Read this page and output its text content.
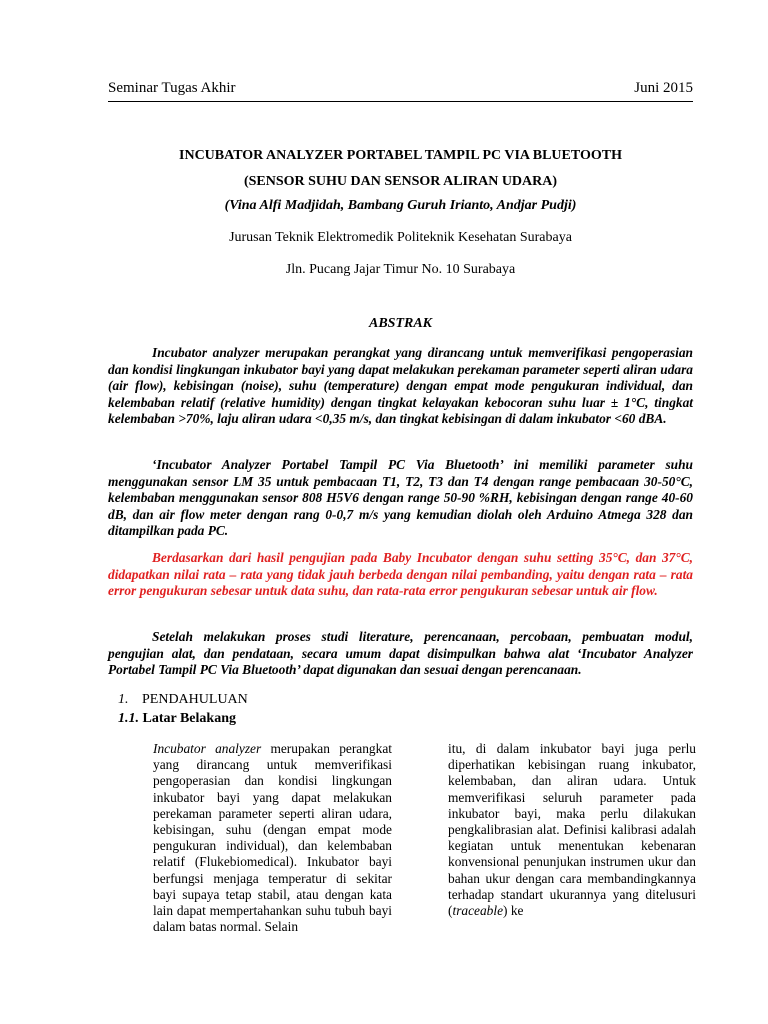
Seminar Tugas Akhir	Juni 2015
INCUBATOR ANALYZER PORTABEL TAMPIL PC VIA BLUETOOTH
(SENSOR SUHU DAN SENSOR ALIRAN UDARA)
(Vina Alfi Madjidah, Bambang Guruh Irianto, Andjar Pudji)
Jurusan Teknik Elektromedik Politeknik Kesehatan Surabaya
Jln. Pucang Jajar Timur No. 10 Surabaya
ABSTRAK

Incubator analyzer merupakan perangkat yang dirancang untuk memverifikasi pengoperasian dan kondisi lingkungan inkubator bayi yang dapat melakukan perekaman parameter seperti aliran udara (air flow), kebisingan (noise), suhu (temperature) dengan empat mode pengukuran individual, dan kelembaban relatif (relative humidity) dengan tingkat kelayakan kebocoran suhu luar ± 1°C, tingkat kelembaban >70%, laju aliran udara <0,35 m/s, dan tingkat kebisingan di dalam inkubator <60 dBA.

‘Incubator Analyzer Portabel Tampil PC Via Bluetooth’ ini memiliki parameter suhu menggunakan sensor LM 35 untuk pembacaan T1, T2, T3 dan T4 dengan range pembacaan 30-50°C, kelembaban menggunakan sensor 808 H5V6 dengan range 50-90 %RH, kebisingan dengan range 40-60 dB, dan air flow meter dengan rang 0-0,7 m/s yang kemudian diolah oleh Arduino Atmega 328 dan ditampilkan pada PC.

Berdasarkan dari hasil pengujian pada Baby Incubator dengan suhu setting 35°C, dan 37°C, didapatkan nilai rata – rata yang tidak jauh berbeda dengan nilai pembanding, yaitu dengan rata – rata error pengukuran sebesar untuk data suhu, dan rata-rata error pengukuran sebesar untuk air flow.

Setelah melakukan proses studi literature, perencanaan, percobaan, pembuatan modul, pengujian alat, dan pendataan, secara umum dapat disimpulkan bahwa alat ‘Incubator Analyzer Portabel Tampil PC Via Bluetooth’ dapat digunakan dan sesuai dengan perencanaan.

1. PENDAHULUAN
1.1. Latar Belakang

Incubator analyzer merupakan perangkat yang dirancang untuk memverifikasi pengoperasian dan kondisi lingkungan inkubator bayi yang dapat melakukan perekaman parameter seperti aliran udara, kebisingan, suhu (dengan empat mode pengukuran individual), dan kelembaban relatif (Flukebiomedical). Inkubator bayi berfungsi menjaga temperatur di sekitar bayi supaya tetap stabil, atau dengan kata lain dapat mempertahankan suhu tubuh bayi dalam batas normal. Selain

itu, di dalam inkubator bayi juga perlu diperhatikan kebisingan ruang inkubator, kelembaban, dan aliran udara. Untuk memverifikasi seluruh parameter pada inkubator bayi, maka perlu dilakukan pengkalibrasian alat. Definisi kalibrasi adalah kegiatan untuk menentukan kebenaran konvensional penunjukan instrumen ukur dan bahan ukur dengan cara membandingkannya terhadap standart ukurannya yang ditelusuri (traceable) ke
